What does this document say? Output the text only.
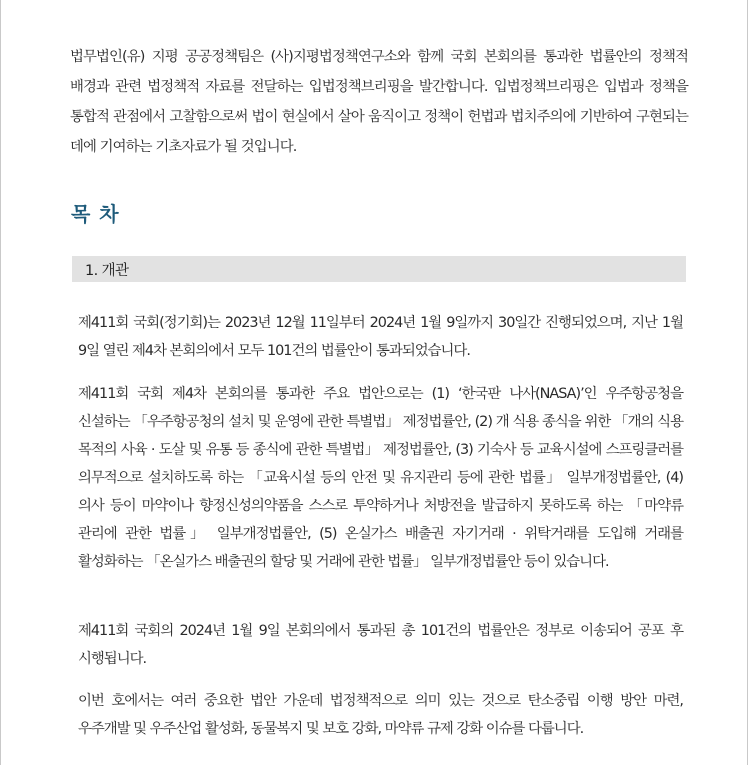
법무법인(유) 지평 공공정책팀은 (사)지평법정책연구소와 함께 국회 본회의를 통과한 법률안의 정책적 배경과 관련 법정책적 자료를 전달하는 입법정책브리핑을 발간합니다. 입법정책브리핑은 입법과 정책을 통합적 관점에서 고찰함으로써 법이 현실에서 살아 움직이고 정책이 헌법과 법치주의에 기반하여 구현되는 데에 기여하는 기초자료가 될 것입니다.

목 차
1. 개관

제411회 국회(정기회)는 2023년 12월 11일부터 2024년 1월 9일까지 30일간 진행되었으며, 지난 1월 9일 열린 제4차 본회의에서 모두 101건의 법률안이 통과되었습니다.

제411회 국회 제4차 본회의를 통과한 주요 법안으로는 (1) ‘한국판 나사(NASA)’인 우주항공청을 신설하는 「우주항공청의 설치 및 운영에 관한 특별법」 제정법률안, (2) 개 식용 종식을 위한 「개의 식용 목적의 사육 · 도살 및 유통 등 종식에 관한 특별법」 제정법률안, (3) 기숙사 등 교육시설에 스프링클러를 의무적으로 설치하도록 하는 「교육시설 등의 안전 및 유지관리 등에 관한 법률」 일부개정법률안, (4) 의사 등이 마약이나 향정신성의약품을 스스로 투약하거나 처방전을 발급하지 못하도록 하는 「마약류 관리에 관한 법률」 일부개정법률안, (5) 온실가스 배출권 자기거래 · 위탁거래를 도입해 거래를 활성화하는 「온실가스 배출권의 할당 및 거래에 관한 법률」 일부개정법률안 등이 있습니다.

제411회 국회의 2024년 1월 9일 본회의에서 통과된 총 101건의 법률안은 정부로 이송되어 공포 후 시행됩니다.

이번 호에서는 여러 중요한 법안 가운데 법정책적으로 의미 있는 것으로 탄소중립 이행 방안 마련, 우주개발 및 우주산업 활성화, 동물복지 및 보호 강화, 마약류 규제 강화 이슈를 다룹니다.
